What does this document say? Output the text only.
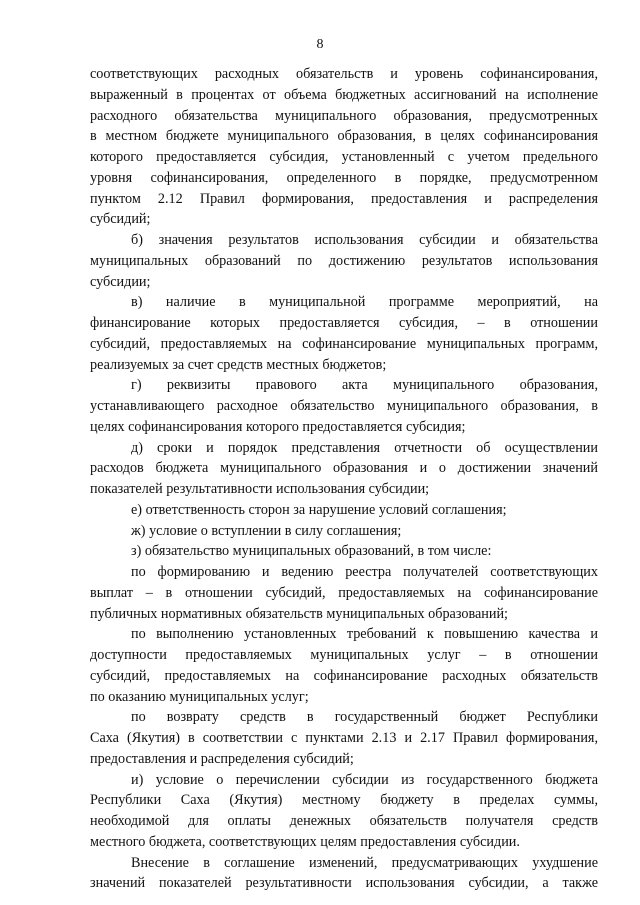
8
соответствующих расходных обязательств и уровень софинансирования,
выраженный в процентах от объема бюджетных ассигнований на исполнение
расходного обязательства муниципального образования, предусмотренных
в местном бюджете муниципального образования, в целях софинансирования
которого предоставляется субсидия, установленный с учетом предельного
уровня софинансирования, определенного в порядке, предусмотренном
пунктом 2.12 Правил формирования, предоставления и распределения
субсидий;
б) значения результатов использования субсидии и обязательства
муниципальных образований по достижению результатов использования
субсидии;
в) наличие в муниципальной программе мероприятий, на
финансирование которых предоставляется субсидия, – в отношении
субсидий, предоставляемых на софинансирование муниципальных программ,
реализуемых за счет средств местных бюджетов;
г) реквизиты правового акта муниципального образования,
устанавливающего расходное обязательство муниципального образования, в
целях софинансирования которого предоставляется субсидия;
д) сроки и порядок представления отчетности об осуществлении
расходов бюджета муниципального образования и о достижении значений
показателей результативности использования субсидии;
е) ответственность сторон за нарушение условий соглашения;
ж) условие о вступлении в силу соглашения;
з) обязательство муниципальных образований, в том числе:
по формированию и ведению реестра получателей соответствующих
выплат – в отношении субсидий, предоставляемых на софинансирование
публичных нормативных обязательств муниципальных образований;
по выполнению установленных требований к повышению качества и
доступности предоставляемых муниципальных услуг – в отношении
субсидий, предоставляемых на софинансирование расходных обязательств
по оказанию муниципальных услуг;
по возврату средств в государственный бюджет Республики
Саха (Якутия) в соответствии с пунктами 2.13 и 2.17 Правил формирования,
предоставления и распределения субсидий;
и) условие о перечислении субсидии из государственного бюджета
Республики Саха (Якутия) местному бюджету в пределах суммы,
необходимой для оплаты денежных обязательств получателя средств
местного бюджета, соответствующих целям предоставления субсидии.
Внесение в соглашение изменений, предусматривающих ухудшение
значений показателей результативности использования субсидии, а также
